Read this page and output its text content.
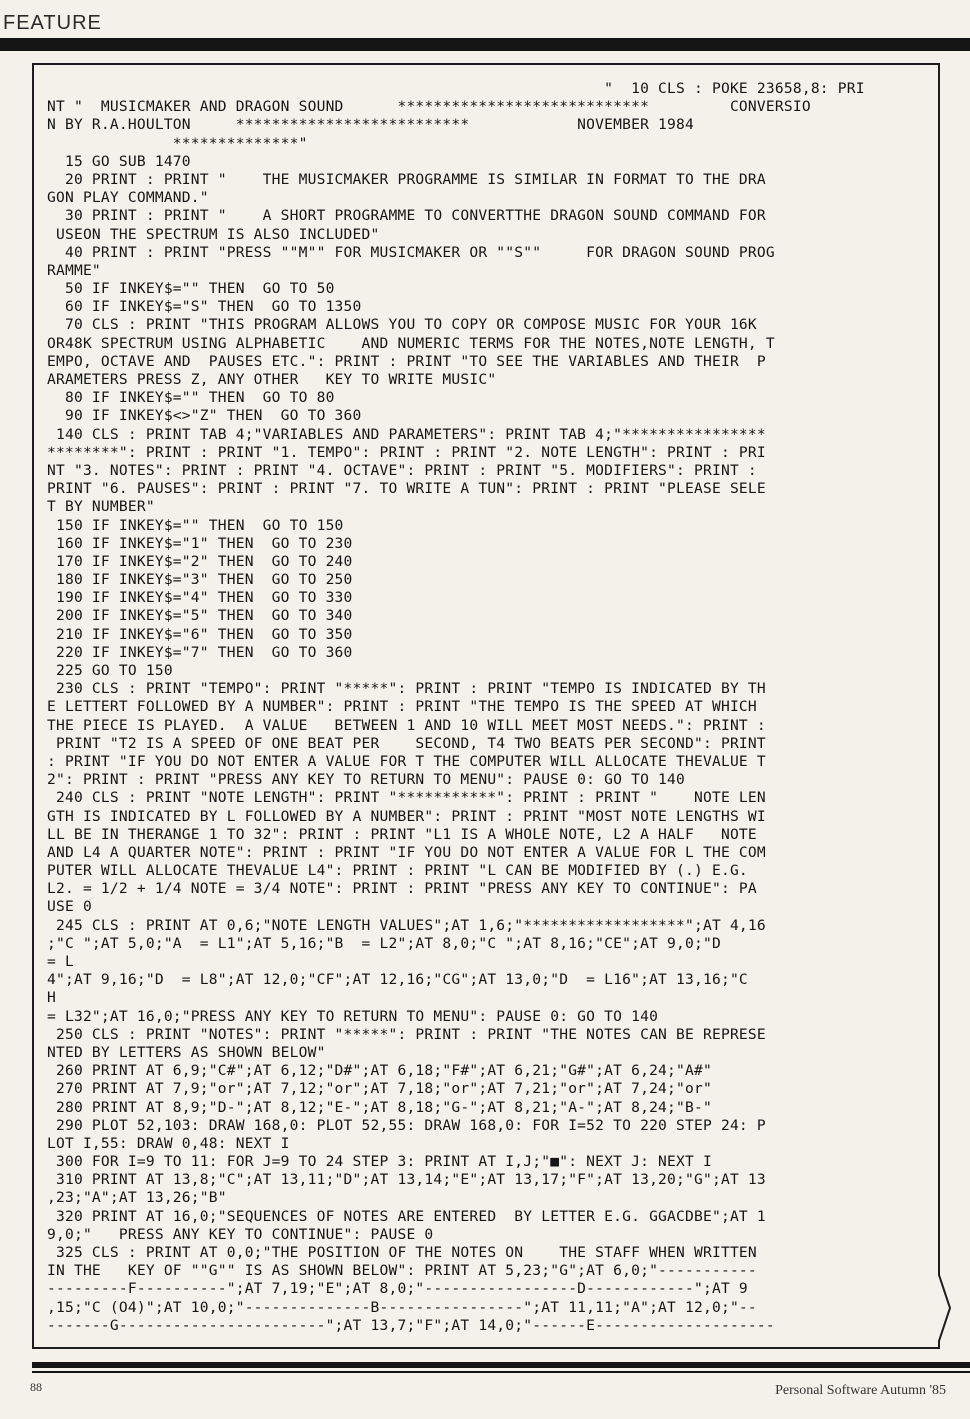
FEATURE
"  10 CLS : POKE 23658,8: PRI
NT "  MUSICMAKER AND DRAGON SOUND      ****************************         CONVERSIO
N BY R.A.HOULTON     **************************            NOVEMBER 1984
**************"
15 GO SUB 1470
20 PRINT : PRINT "    THE MUSICMAKER PROGRAMME IS SIMILAR IN FORMAT TO THE DRA
GON PLAY COMMAND."
30 PRINT : PRINT "    A SHORT PROGRAMME TO CONVERTTHE DRAGON SOUND COMMAND FOR
USEON THE SPECTRUM IS ALSO INCLUDED"
40 PRINT : PRINT "PRESS ""M"" FOR MUSICMAKER OR ""S""     FOR DRAGON SOUND PROG
RAMME"
50 IF INKEY$="" THEN  GO TO 50
60 IF INKEY$="S" THEN  GO TO 1350
70 CLS : PRINT "THIS PROGRAM ALLOWS YOU TO COPY OR COMPOSE MUSIC FOR YOUR 16K
OR48K SPECTRUM USING ALPHABETIC    AND NUMERIC TERMS FOR THE NOTES,NOTE LENGTH, T
EMPO, OCTAVE AND  PAUSES ETC.": PRINT : PRINT "TO SEE THE VARIABLES AND THEIR  P
ARAMETERS PRESS Z, ANY OTHER   KEY TO WRITE MUSIC"
80 IF INKEY$="" THEN  GO TO 80
90 IF INKEY$<>"Z" THEN  GO TO 360
140 CLS : PRINT TAB 4;"VARIABLES AND PARAMETERS": PRINT TAB 4;"****************
********": PRINT : PRINT "1. TEMPO": PRINT : PRINT "2. NOTE LENGTH": PRINT : PRI
NT "3. NOTES": PRINT : PRINT "4. OCTAVE": PRINT : PRINT "5. MODIFIERS": PRINT :
PRINT "6. PAUSES": PRINT : PRINT "7. TO WRITE A TUN": PRINT : PRINT "PLEASE SELE
T BY NUMBER"
150 IF INKEY$="" THEN  GO TO 150
160 IF INKEY$="1" THEN  GO TO 230
170 IF INKEY$="2" THEN  GO TO 240
180 IF INKEY$="3" THEN  GO TO 250
190 IF INKEY$="4" THEN  GO TO 330
200 IF INKEY$="5" THEN  GO TO 340
210 IF INKEY$="6" THEN  GO TO 350
220 IF INKEY$="7" THEN  GO TO 360
225 GO TO 150
230 CLS : PRINT "TEMPO": PRINT "*****": PRINT : PRINT "TEMPO IS INDICATED BY TH
E LETTERT FOLLOWED BY A NUMBER": PRINT : PRINT "THE TEMPO IS THE SPEED AT WHICH
THE PIECE IS PLAYED.  A VALUE   BETWEEN 1 AND 10 WILL MEET MOST NEEDS.": PRINT :
PRINT "T2 IS A SPEED OF ONE BEAT PER    SECOND, T4 TWO BEATS PER SECOND": PRINT
: PRINT "IF YOU DO NOT ENTER A VALUE FOR T THE COMPUTER WILL ALLOCATE THEVALUE T
2": PRINT : PRINT "PRESS ANY KEY TO RETURN TO MENU": PAUSE 0: GO TO 140
240 CLS : PRINT "NOTE LENGTH": PRINT "***********": PRINT : PRINT "    NOTE LEN
GTH IS INDICATED BY L FOLLOWED BY A NUMBER": PRINT : PRINT "MOST NOTE LENGTHS WI
LL BE IN THERANGE 1 TO 32": PRINT : PRINT "L1 IS A WHOLE NOTE, L2 A HALF   NOTE
AND L4 A QUARTER NOTE": PRINT : PRINT "IF YOU DO NOT ENTER A VALUE FOR L THE COM
PUTER WILL ALLOCATE THEVALUE L4": PRINT : PRINT "L CAN BE MODIFIED BY (.) E.G.
L2. = 1/2 + 1/4 NOTE = 3/4 NOTE": PRINT : PRINT "PRESS ANY KEY TO CONTINUE": PA
USE 0
245 CLS : PRINT AT 0,6;"NOTE LENGTH VALUES";AT 1,6;"******************";AT 4,16
;"C ";AT 5,0;"A  = L1";AT 5,16;"B  = L2";AT 8,0;"C ";AT 8,16;"CE";AT 9,0;"D
= L
4";AT 9,16;"D  = L8";AT 12,0;"CF";AT 12,16;"CG";AT 13,0;"D  = L16";AT 13,16;"C
H
= L32";AT 16,0;"PRESS ANY KEY TO RETURN TO MENU": PAUSE 0: GO TO 140
250 CLS : PRINT "NOTES": PRINT "*****": PRINT : PRINT "THE NOTES CAN BE REPRESE
NTED BY LETTERS AS SHOWN BELOW"
260 PRINT AT 6,9;"C#";AT 6,12;"D#";AT 6,18;"F#";AT 6,21;"G#";AT 6,24;"A#"
270 PRINT AT 7,9;"or";AT 7,12;"or";AT 7,18;"or";AT 7,21;"or";AT 7,24;"or"
280 PRINT AT 8,9;"D-";AT 8,12;"E-";AT 8,18;"G-";AT 8,21;"A-";AT 8,24;"B-"
290 PLOT 52,103: DRAW 168,0: PLOT 52,55: DRAW 168,0: FOR I=52 TO 220 STEP 24: P
LOT I,55: DRAW 0,48: NEXT I
300 FOR I=9 TO 11: FOR J=9 TO 24 STEP 3: PRINT AT I,J;"■": NEXT J: NEXT I
310 PRINT AT 13,8;"C";AT 13,11;"D";AT 13,14;"E";AT 13,17;"F";AT 13,20;"G";AT 13
,23;"A";AT 13,26;"B"
320 PRINT AT 16,0;"SEQUENCES OF NOTES ARE ENTERED  BY LETTER E.G. GGACDBE";AT 1
9,0;"   PRESS ANY KEY TO CONTINUE": PAUSE 0
325 CLS : PRINT AT 0,0;"THE POSITION OF THE NOTES ON    THE STAFF WHEN WRITTEN
IN THE   KEY OF ""G"" IS AS SHOWN BELOW": PRINT AT 5,23;"G";AT 6,0;"-----------
---------F----------";AT 7,19;"E";AT 8,0;"-----------------D------------";AT 9
,15;"C (O4)";AT 10,0;"--------------B----------------";AT 11,11;"A";AT 12,0;"--
-------G-----------------------";AT 13,7;"F";AT 14,0;"------E--------------------
88	Personal Software Autumn '85
